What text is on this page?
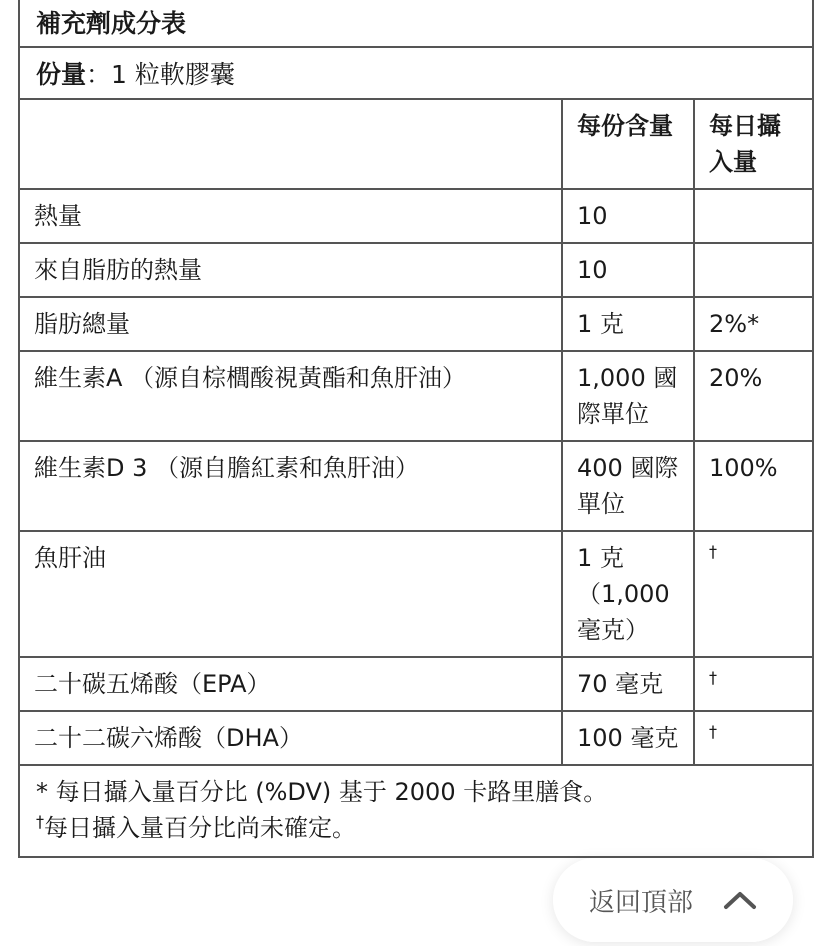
補充劑成分表
份量 ：1 粒軟膠囊
	每份含量	每日攝入量
熱量	10	
來自脂肪的熱量	10	
脂肪總量	1 克	2%*
維生素A （源自棕櫚酸視黃酯和魚肝油）	1,000 國際單位	20%
維生素D 3 （源自膽紅素和魚肝油）	400 國際單位	100%
魚肝油	1 克 （1,000 毫克）	†
二十碳五烯酸（EPA）	70 毫克	†
二十二碳六烯酸（DHA）	100 毫克	†
* 每日攝入量百分比 (%DV) 基于 2000 卡路里膳食。
†每日攝入量百分比尚未確定。
返回頂部
